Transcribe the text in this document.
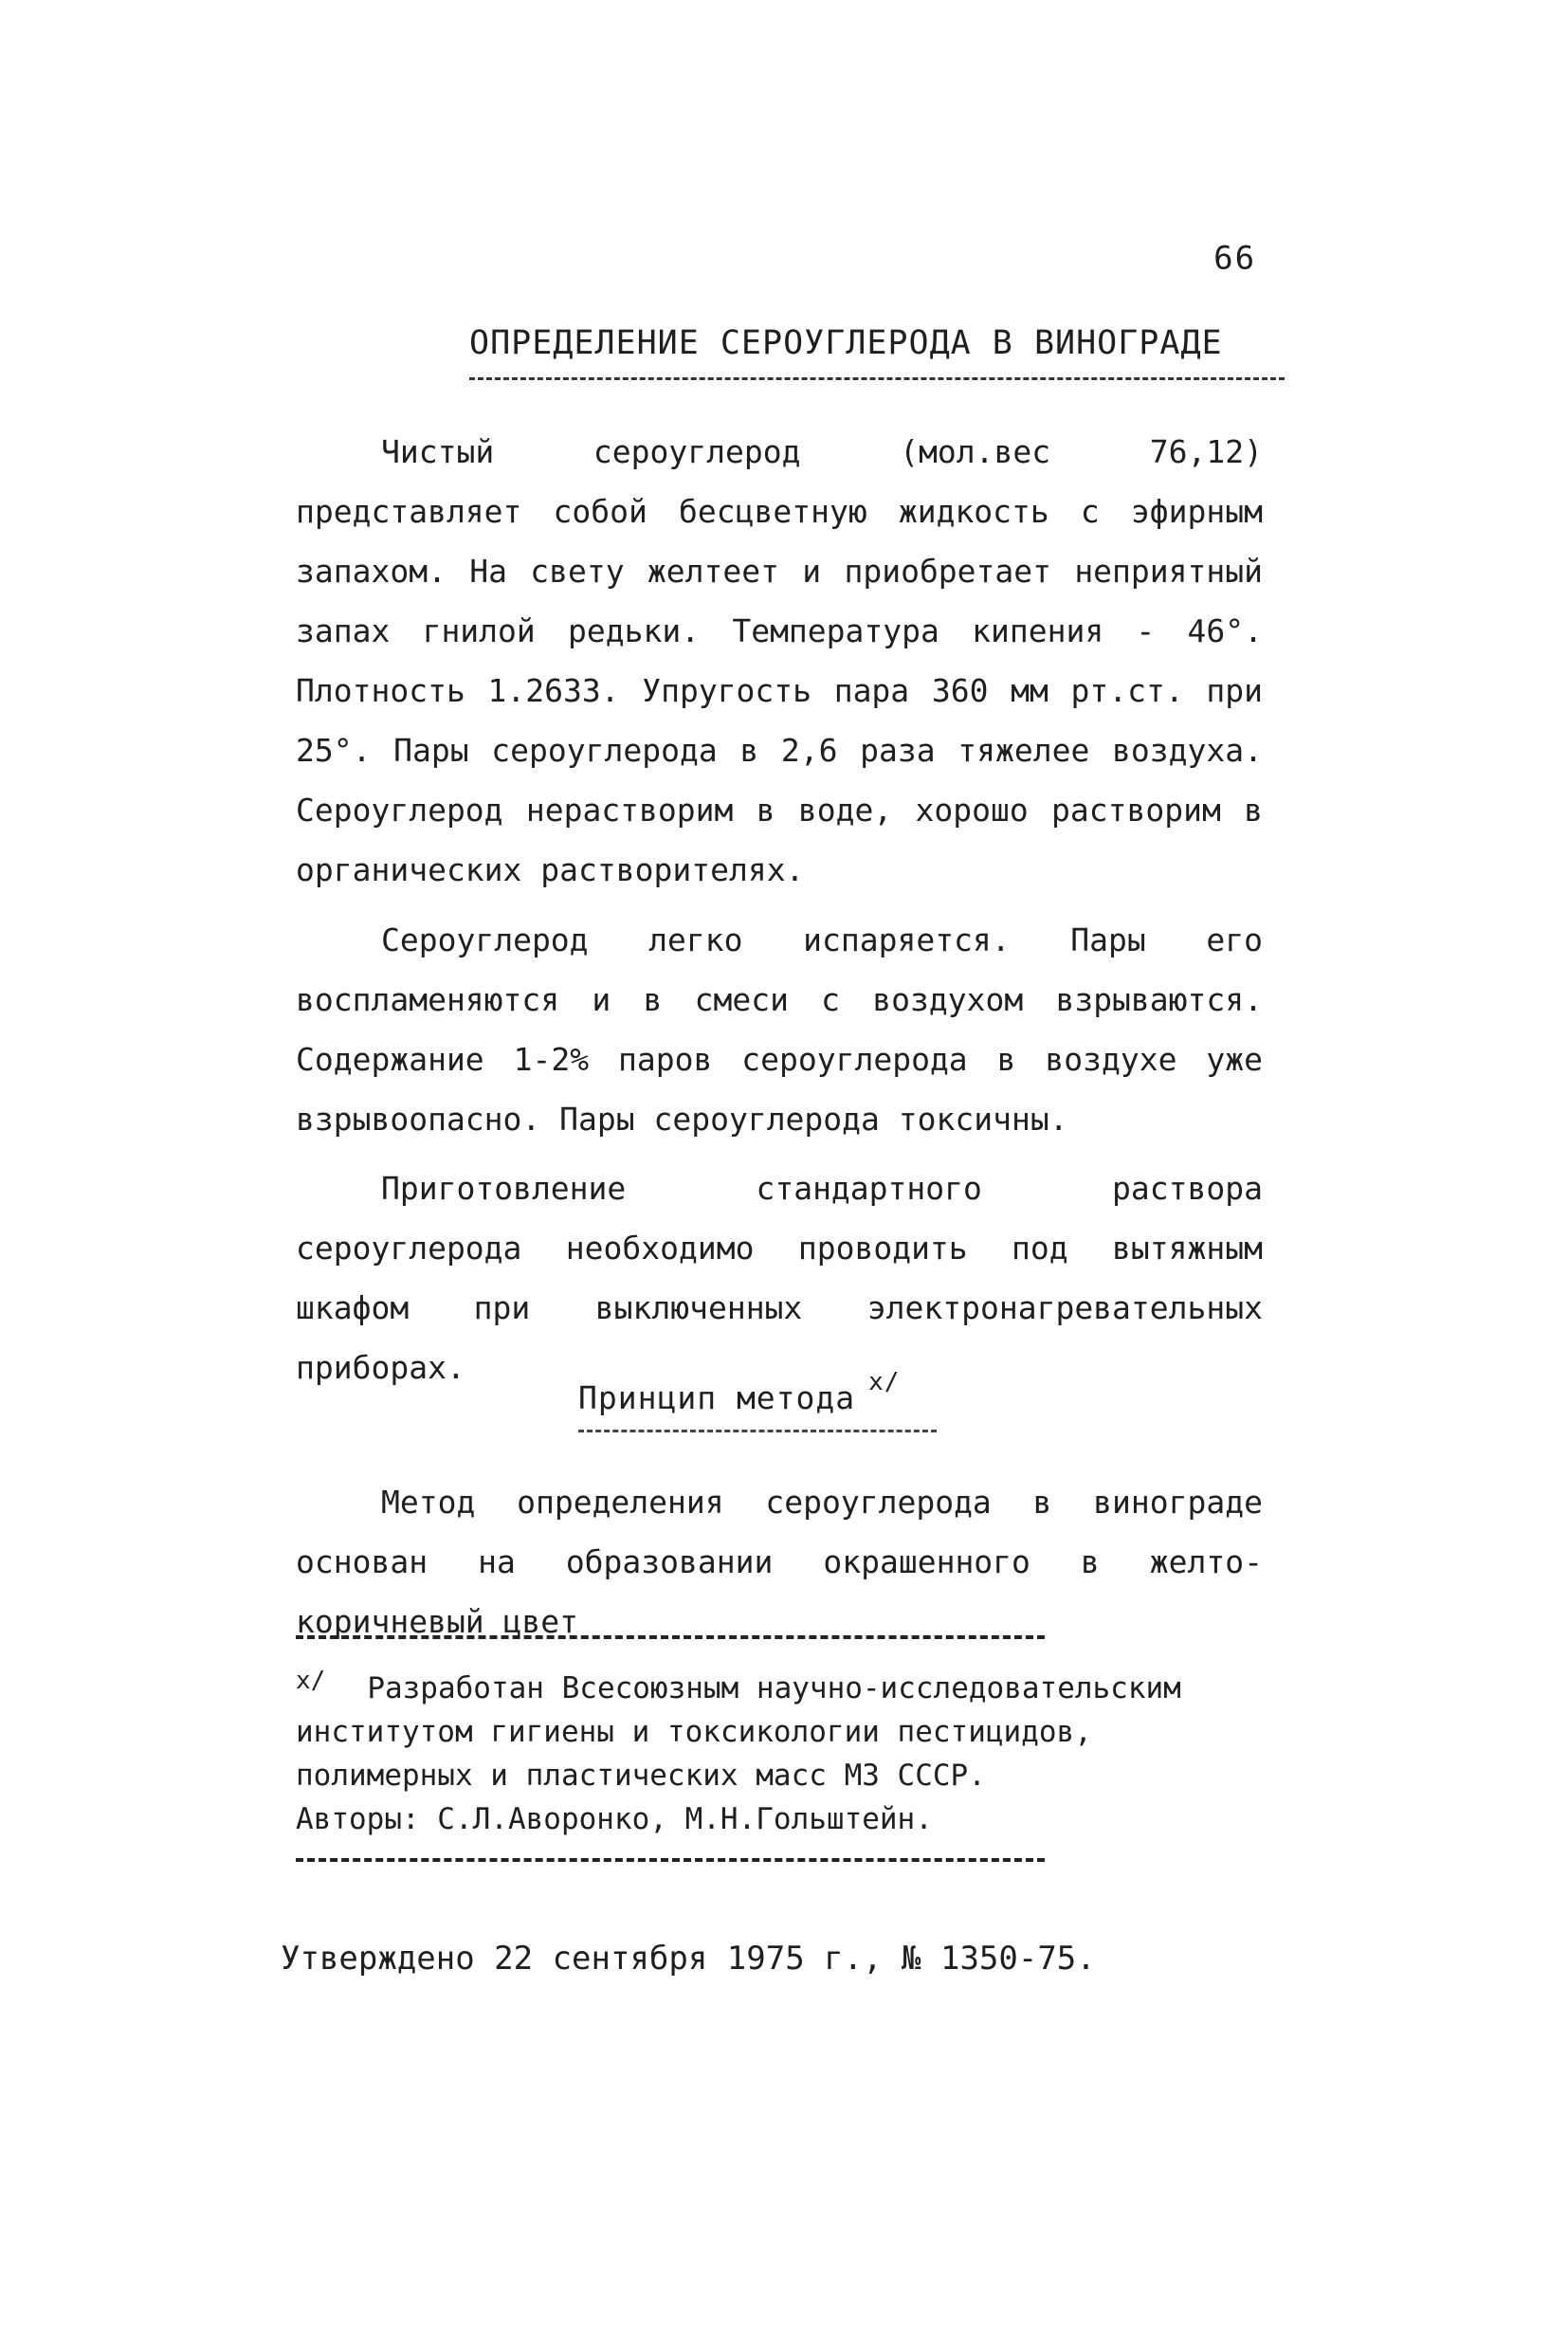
99
ОПРЕДЕЛЕНИЕ СЕРОУГЛЕРОДА В ВИНОГРАДЕ

Чистый сероуглерод (мол.вес 76,12) представляет собой бесцветную жидкость с эфирным запахом. На свету желтеет и приобретает неприятный запах гнилой редьки. Температура кипения - 46°. Плотность 1.2633. Упругость пара 360 мм рт.ст. при 25°. Пары сероуглерода в 2,6 раза тяжелее воздуха. Сероуглерод нерастворим в воде, хорошо растворим в органических растворителях.

Сероуглерод легко испаряется. Пары его воспламеняются и в смеси с воздухом взрываются. Содержание 1-2% паров сероуглерода в воздухе уже взрывоопасно. Пары сероуглерода токсичны.

Приготовление стандартного раствора сероуглерода необходимо проводить под вытяжным шкафом при выключенных электронагревательных приборах.

Принцип метода $^{x/}$

Метод определения сероуглерода в винограде основан на образовании окрашенного в желто-коричневый цвет

x/ Разработан Всесоюзным научно-исследовательским институтом гигиены и токсикологии пестицидов, полимерных и пластических масс МЗ СССР.
Авторы: С.Л.Аворонко, М.Н.Гольштейн.

Утверждено 22 сентября 1975 г., № 1350-75.
